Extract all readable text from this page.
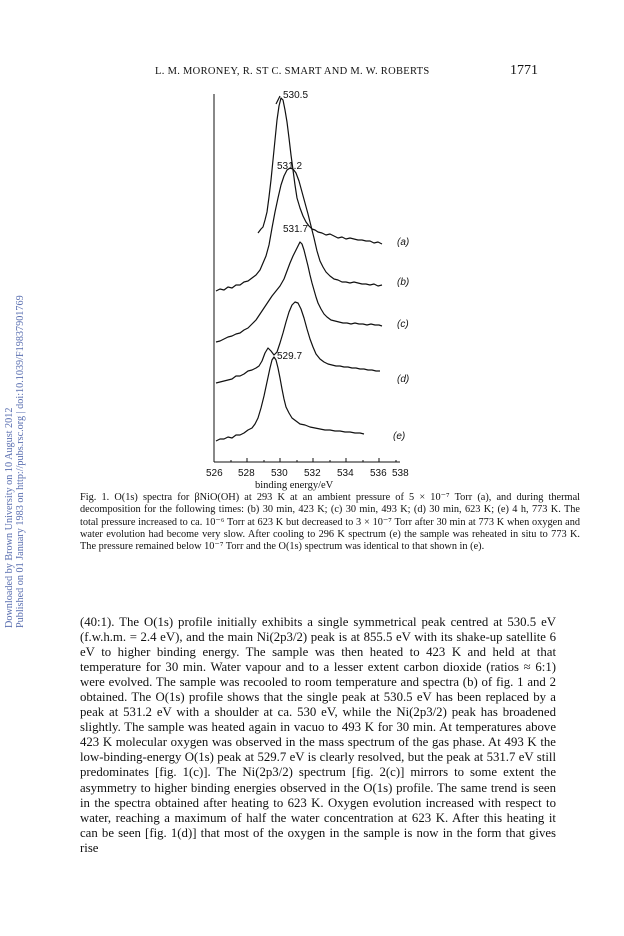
Downloaded by Brown University on 10 August 2012 Published on 01 January 1983 on http://pubs.rsc.org | doi:10.1039/F19837901769
L. M. MORONEY, R. ST C. SMART AND M. W. ROBERTS	1771
530.5
531.2
531.7
529.7
(a)
(b)
(c)
(d)
(e)
526 528 530 532 534 536 538
binding energy/eV
Fig. 1. O(1s) spectra for βNiO(OH) at 293 K at an ambient pressure of 5 × 10⁻⁷ Torr (a), and during thermal decomposition for the following times: (b) 30 min, 423 K; (c) 30 min, 493 K; (d) 30 min, 623 K; (e) 4 h, 773 K. The total pressure increased to ca. 10⁻⁶ Torr at 623 K but decreased to 3 × 10⁻⁷ Torr after 30 min at 773 K when oxygen and water evolution had become very slow. After cooling to 296 K spectrum (e) the sample was reheated in situ to 773 K. The pressure remained below 10⁻⁷ Torr and the O(1s) spectrum was identical to that shown in (e).

(40:1). The O(1s) profile initially exhibits a single symmetrical peak centred at 530.5 eV (f.w.h.m. = 2.4 eV), and the main Ni(2p3/2) peak is at 855.5 eV with its shake-up satellite 6 eV to higher binding energy. The sample was then heated to 423 K and held at that temperature for 30 min. Water vapour and to a lesser extent carbon dioxide (ratios ≈ 6:1) were evolved. The sample was recooled to room temperature and spectra (b) of fig. 1 and 2 obtained. The O(1s) profile shows that the single peak at 530.5 eV has been replaced by a peak at 531.2 eV with a shoulder at ca. 530 eV, while the Ni(2p3/2) peak has broadened slightly. The sample was heated again in vacuo to 493 K for 30 min. At temperatures above 423 K molecular oxygen was observed in the mass spectrum of the gas phase. At 493 K the low-binding-energy O(1s) peak at 529.7 eV is clearly resolved, but the peak at 531.7 eV still predominates [fig. 1(c)]. The Ni(2p3/2) spectrum [fig. 2(c)] mirrors to some extent the asymmetry to higher binding energies observed in the O(1s) profile. The same trend is seen in the spectra obtained after heating to 623 K. Oxygen evolution increased with respect to water, reaching a maximum of half the water concentration at 623 K. After this heating it can be seen [fig. 1(d)] that most of the oxygen in the sample is now in the form that gives rise
